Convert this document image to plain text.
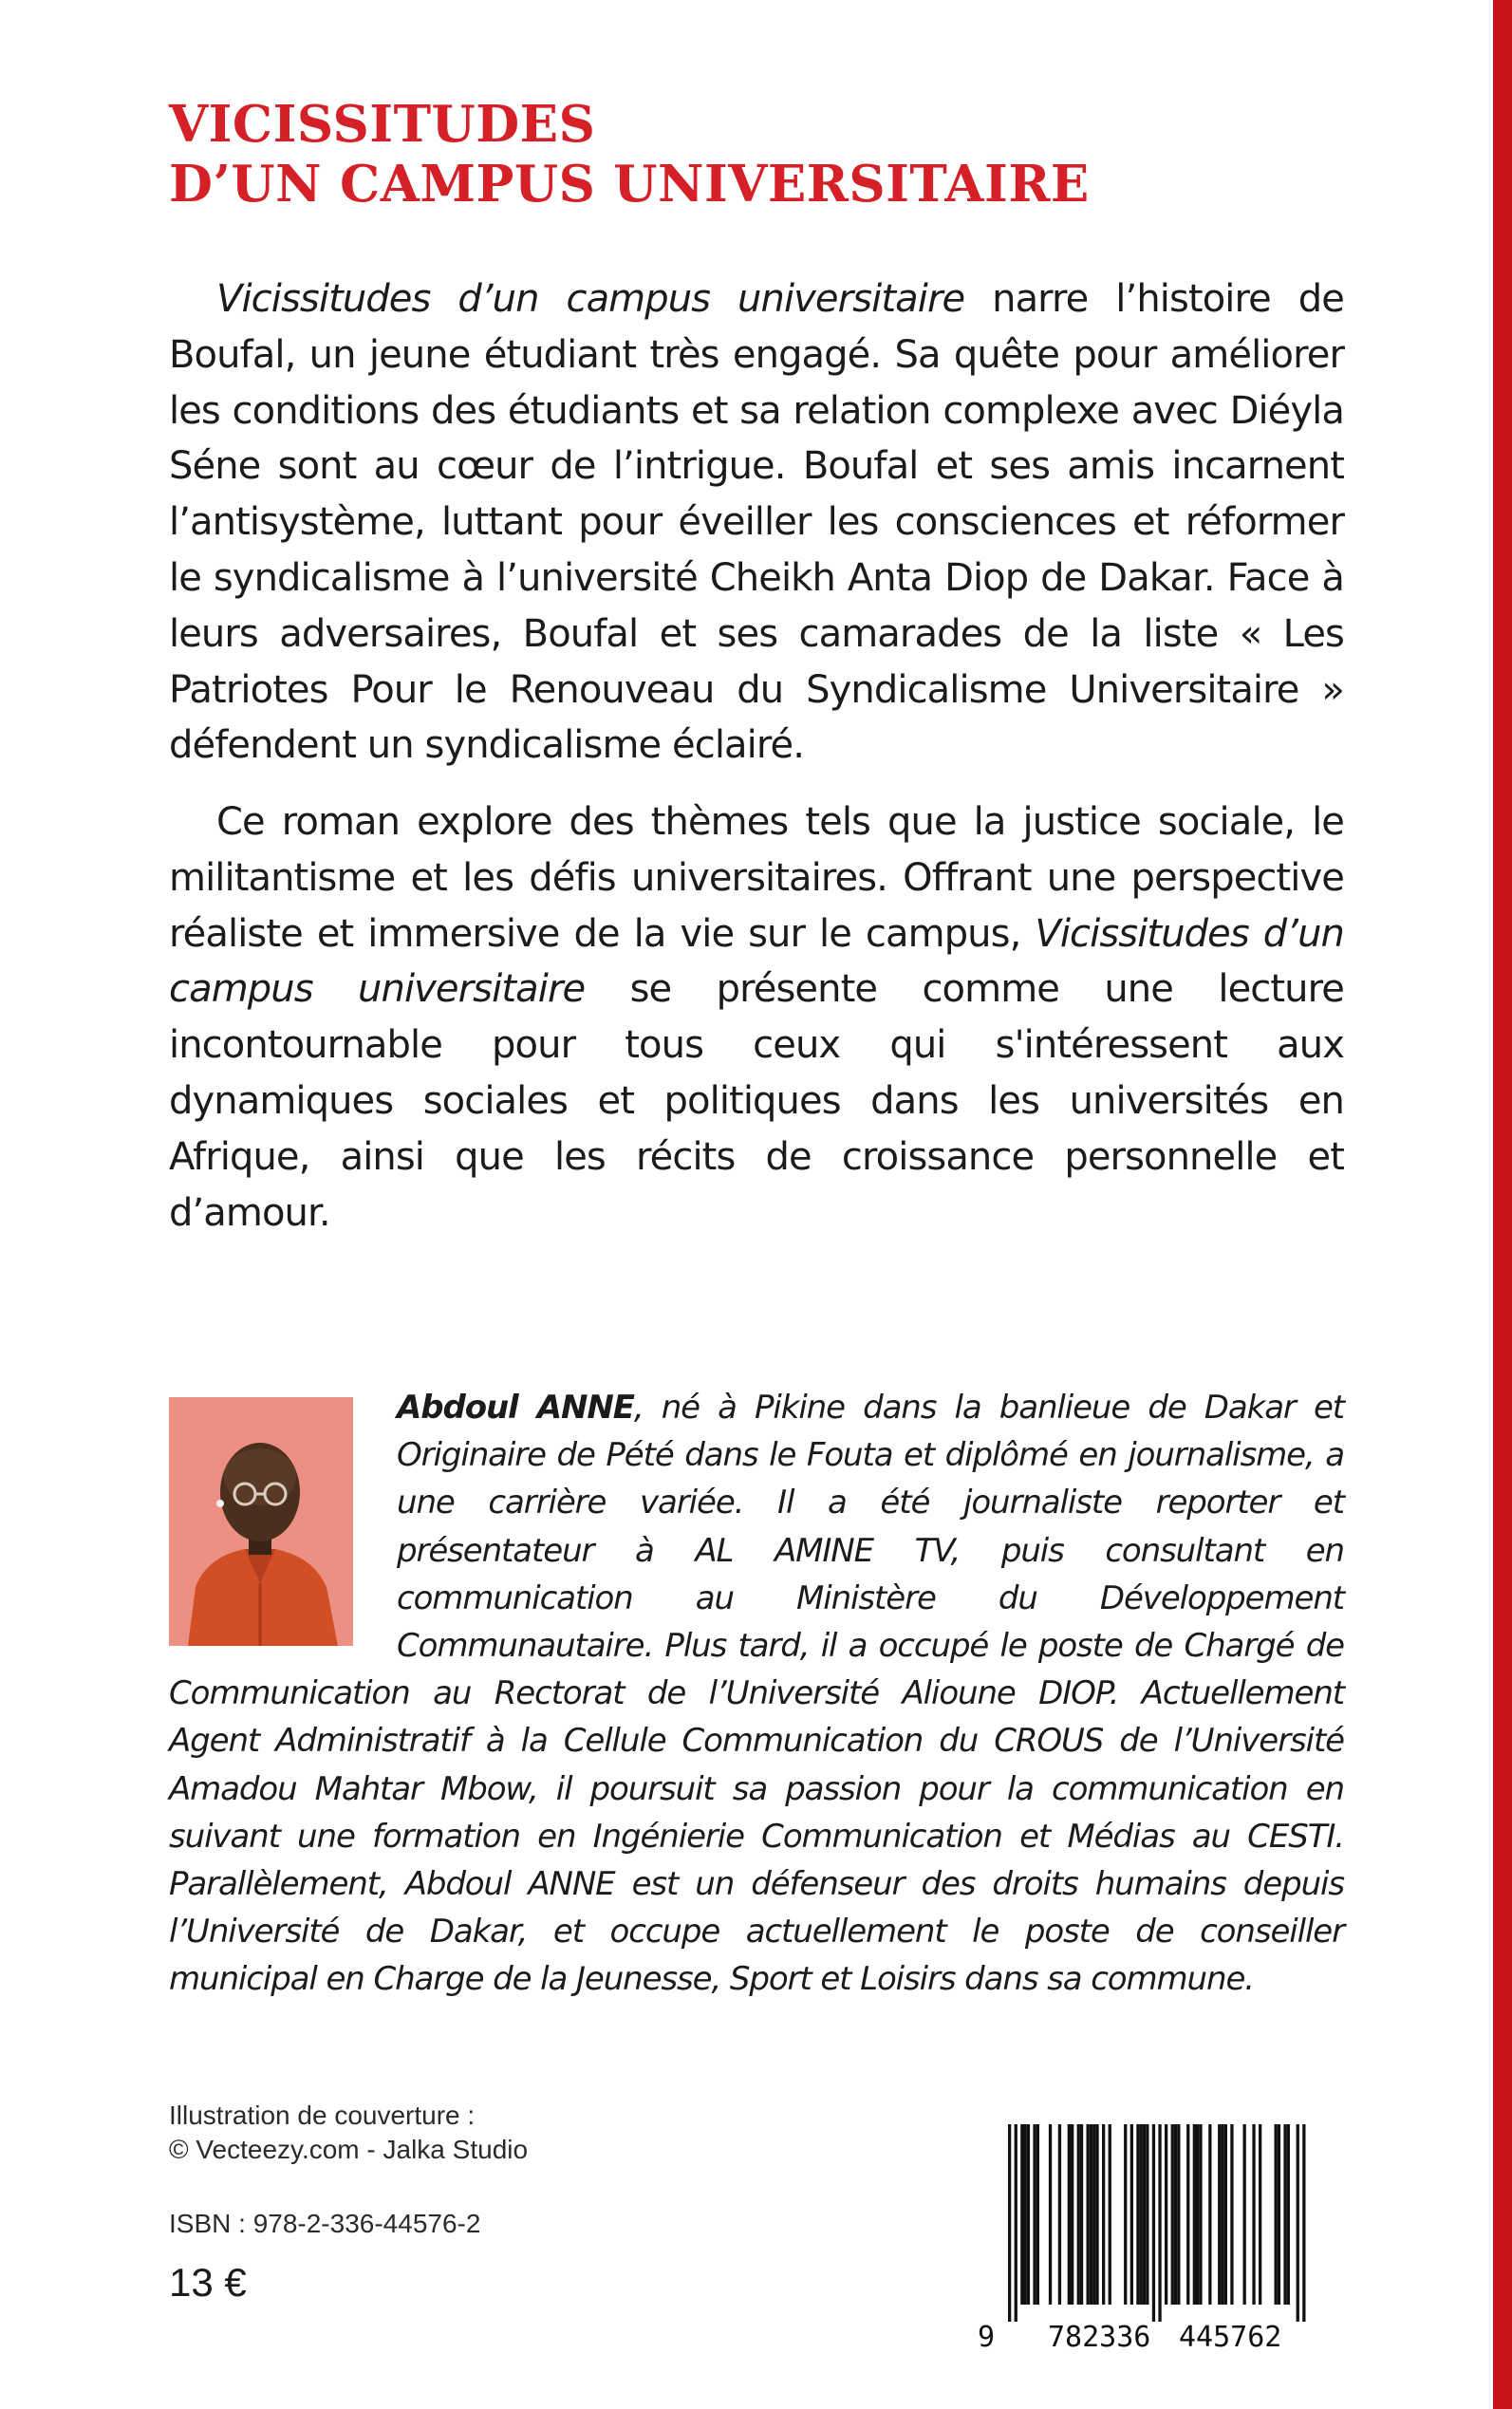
VICISSITUDES
D’UN CAMPUS UNIVERSITAIRE

Vicissitudes d’un campus universitaire narre l’histoire de Boufal, un jeune étudiant très engagé. Sa quête pour améliorer les conditions des étudiants et sa relation complexe avec Diéyla Séne sont au cœur de l’intrigue. Boufal et ses amis incarnent l’antisystème, luttant pour éveiller les consciences et réformer le syndicalisme à l’université Cheikh Anta Diop de Dakar. Face à leurs adversaires, Boufal et ses camarades de la liste « Les Patriotes Pour le Renouveau du Syndicalisme Universitaire » défendent un syndicalisme éclairé.

Ce roman explore des thèmes tels que la justice sociale, le militantisme et les défis universitaires. Offrant une perspective réaliste et immersive de la vie sur le campus, Vicissitudes d’un campus universitaire se présente comme une lecture incontournable pour tous ceux qui s'intéressent aux dynamiques sociales et politiques dans les universités en Afrique, ainsi que les récits de croissance personnelle et d’amour.

Abdoul ANNE, né à Pikine dans la banlieue de Dakar et Originaire de Pété dans le Fouta et diplômé en journalisme, a une carrière variée. Il a été journaliste reporter et présentateur à AL AMINE TV, puis consultant en communication au Ministère du Développement Communautaire. Plus tard, il a occupé le poste de Chargé de Communication au Rectorat de l’Université Alioune DIOP. Actuellement Agent Administratif à la Cellule Communication du CROUS de l’Université Amadou Mahtar Mbow, il poursuit sa passion pour la communication en suivant une formation en Ingénierie Communication et Médias au CESTI. Parallèlement, Abdoul ANNE est un défenseur des droits humains depuis l’Université de Dakar, et occupe actuellement le poste de conseiller municipal en Charge de la Jeunesse, Sport et Loisirs dans sa commune.

Illustration de couverture :

© Vecteezy.com - Jalka Studio

ISBN : 978-2-336-44576-2

13 €

9 782336 445762
